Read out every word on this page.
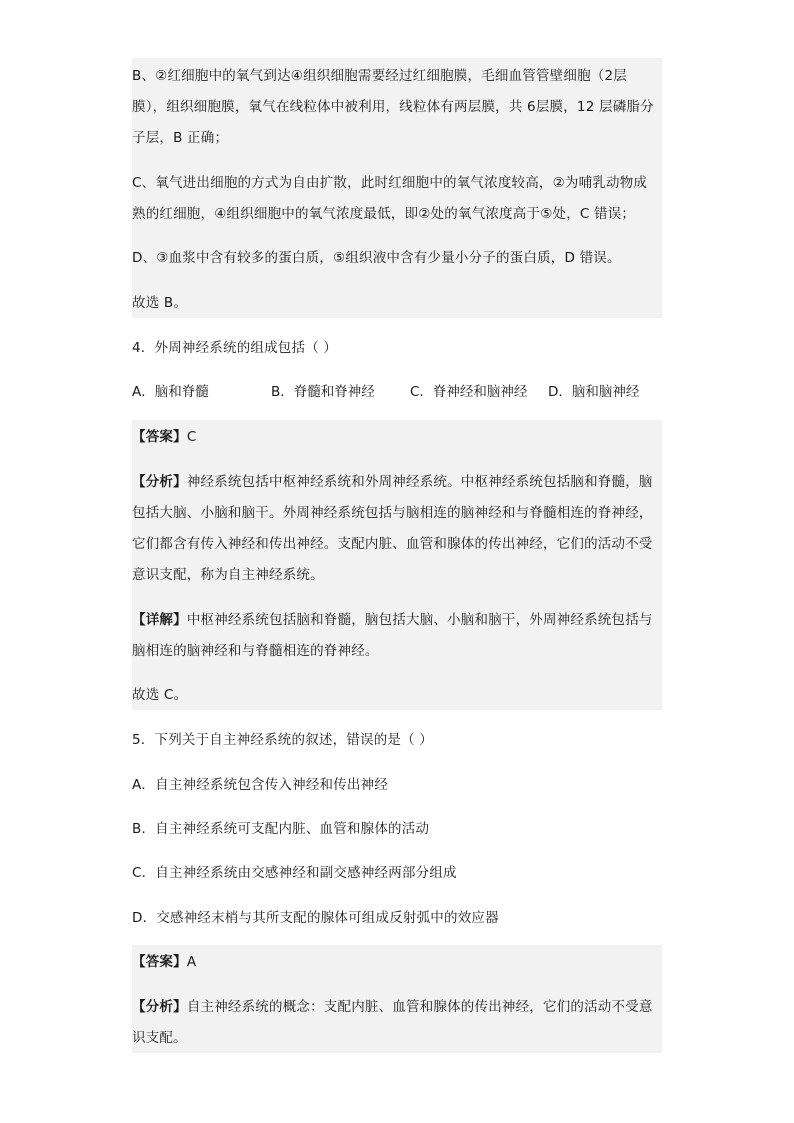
B、②红细胞中的氧气到达④组织细胞需要经过红细胞膜，毛细血管管壁细胞（2层
膜），组织细胞膜，氧气在线粒体中被利用，线粒体有两层膜，共 6层膜，12 层磷脂分
子层，B 正确；
C、氧气进出细胞的方式为自由扩散，此时红细胞中的氧气浓度较高，②为哺乳动物成
熟的红细胞，④组织细胞中的氧气浓度最低，即②处的氧气浓度高于⑤处，C 错误；
D、③血浆中含有较多的蛋白质，⑤组织液中含有少量小分子的蛋白质，D 错误。
故选 B。
4．外周神经系统的组成包括（ ）
A．脑和脊髓	B．脊髓和脊神经	C．脊神经和脑神经 D．脑和脑神经
【答案】C
【分析】神经系统包括中枢神经系统和外周神经系统。中枢神经系统包括脑和脊髓，脑
包括大脑、小脑和脑干。外周神经系统包括与脑相连的脑神经和与脊髓相连的脊神经，
它们都含有传入神经和传出神经。支配内脏、血管和腺体的传出神经，它们的活动不受
意识支配，称为自主神经系统。
【详解】中枢神经系统包括脑和脊髓，脑包括大脑、小脑和脑干，外周神经系统包括与
脑相连的脑神经和与脊髓相连的脊神经。
故选 C。
5．下列关于自主神经系统的叙述，错误的是（ ）
A．自主神经系统包含传入神经和传出神经
B．自主神经系统可支配内脏、血管和腺体的活动
C．自主神经系统由交感神经和副交感神经两部分组成
D．交感神经末梢与其所支配的腺体可组成反射弧中的效应器
【答案】A
【分析】自主神经系统的概念：支配内脏、血管和腺体的传出神经，它们的活动不受意
识支配。
